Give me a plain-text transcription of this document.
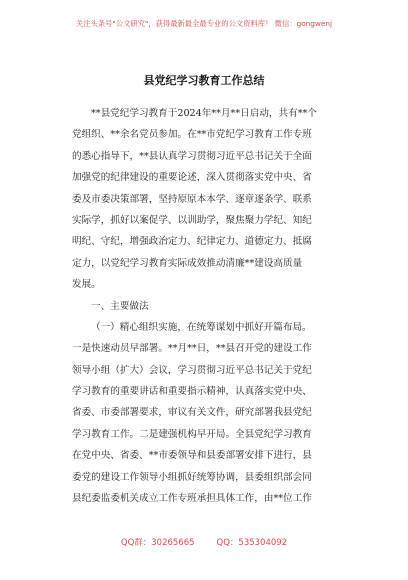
关注头条号"公文研究"，获得最新最全最专业的公文资料库！ 微信：gongwenj
县党纪学习教育工作总结
**县党纪学习教育于2024年**月**日启动，共有**个
党组织、**余名党员参加。在**市党纪学习教育工作专班
的悉心指导下，**县认真学习贯彻习近平总书记关于全面
加强党的纪律建设的重要论述，深入贯彻落实党中央、省
委及市委决策部署，坚持原原本本学、逐章逐条学、联系
实际学，抓好以案促学、以训助学，聚焦聚力学纪、知纪
明纪、守纪，增强政治定力、纪律定力、道德定力、抵腐
定力，以党纪学习教育实际成效推动清廉**建设高质量
发展。
一、主要做法
（一）精心组织实施，在统筹谋划中抓好开篇布局。
一是快速动员早部署。**月**日，**县召开党的建设工作
领导小组（扩大）会议，学习贯彻习近平总书记关于党纪
学习教育的重要讲话和重要指示精神，认真落实党中央、
省委、市委部署要求，审议有关文件，研究部署我县党纪
学习教育工作。二是建强机构早开局。全县党纪学习教育
在党中央、省委、**市委领导和县委部署安排下进行，县
委党的建设工作领导小组抓好统筹协调，县委组织部会同
县纪委监委机关成立工作专班承担具体工作，由**位工作
QQ群：30265665	QQ：535304092
